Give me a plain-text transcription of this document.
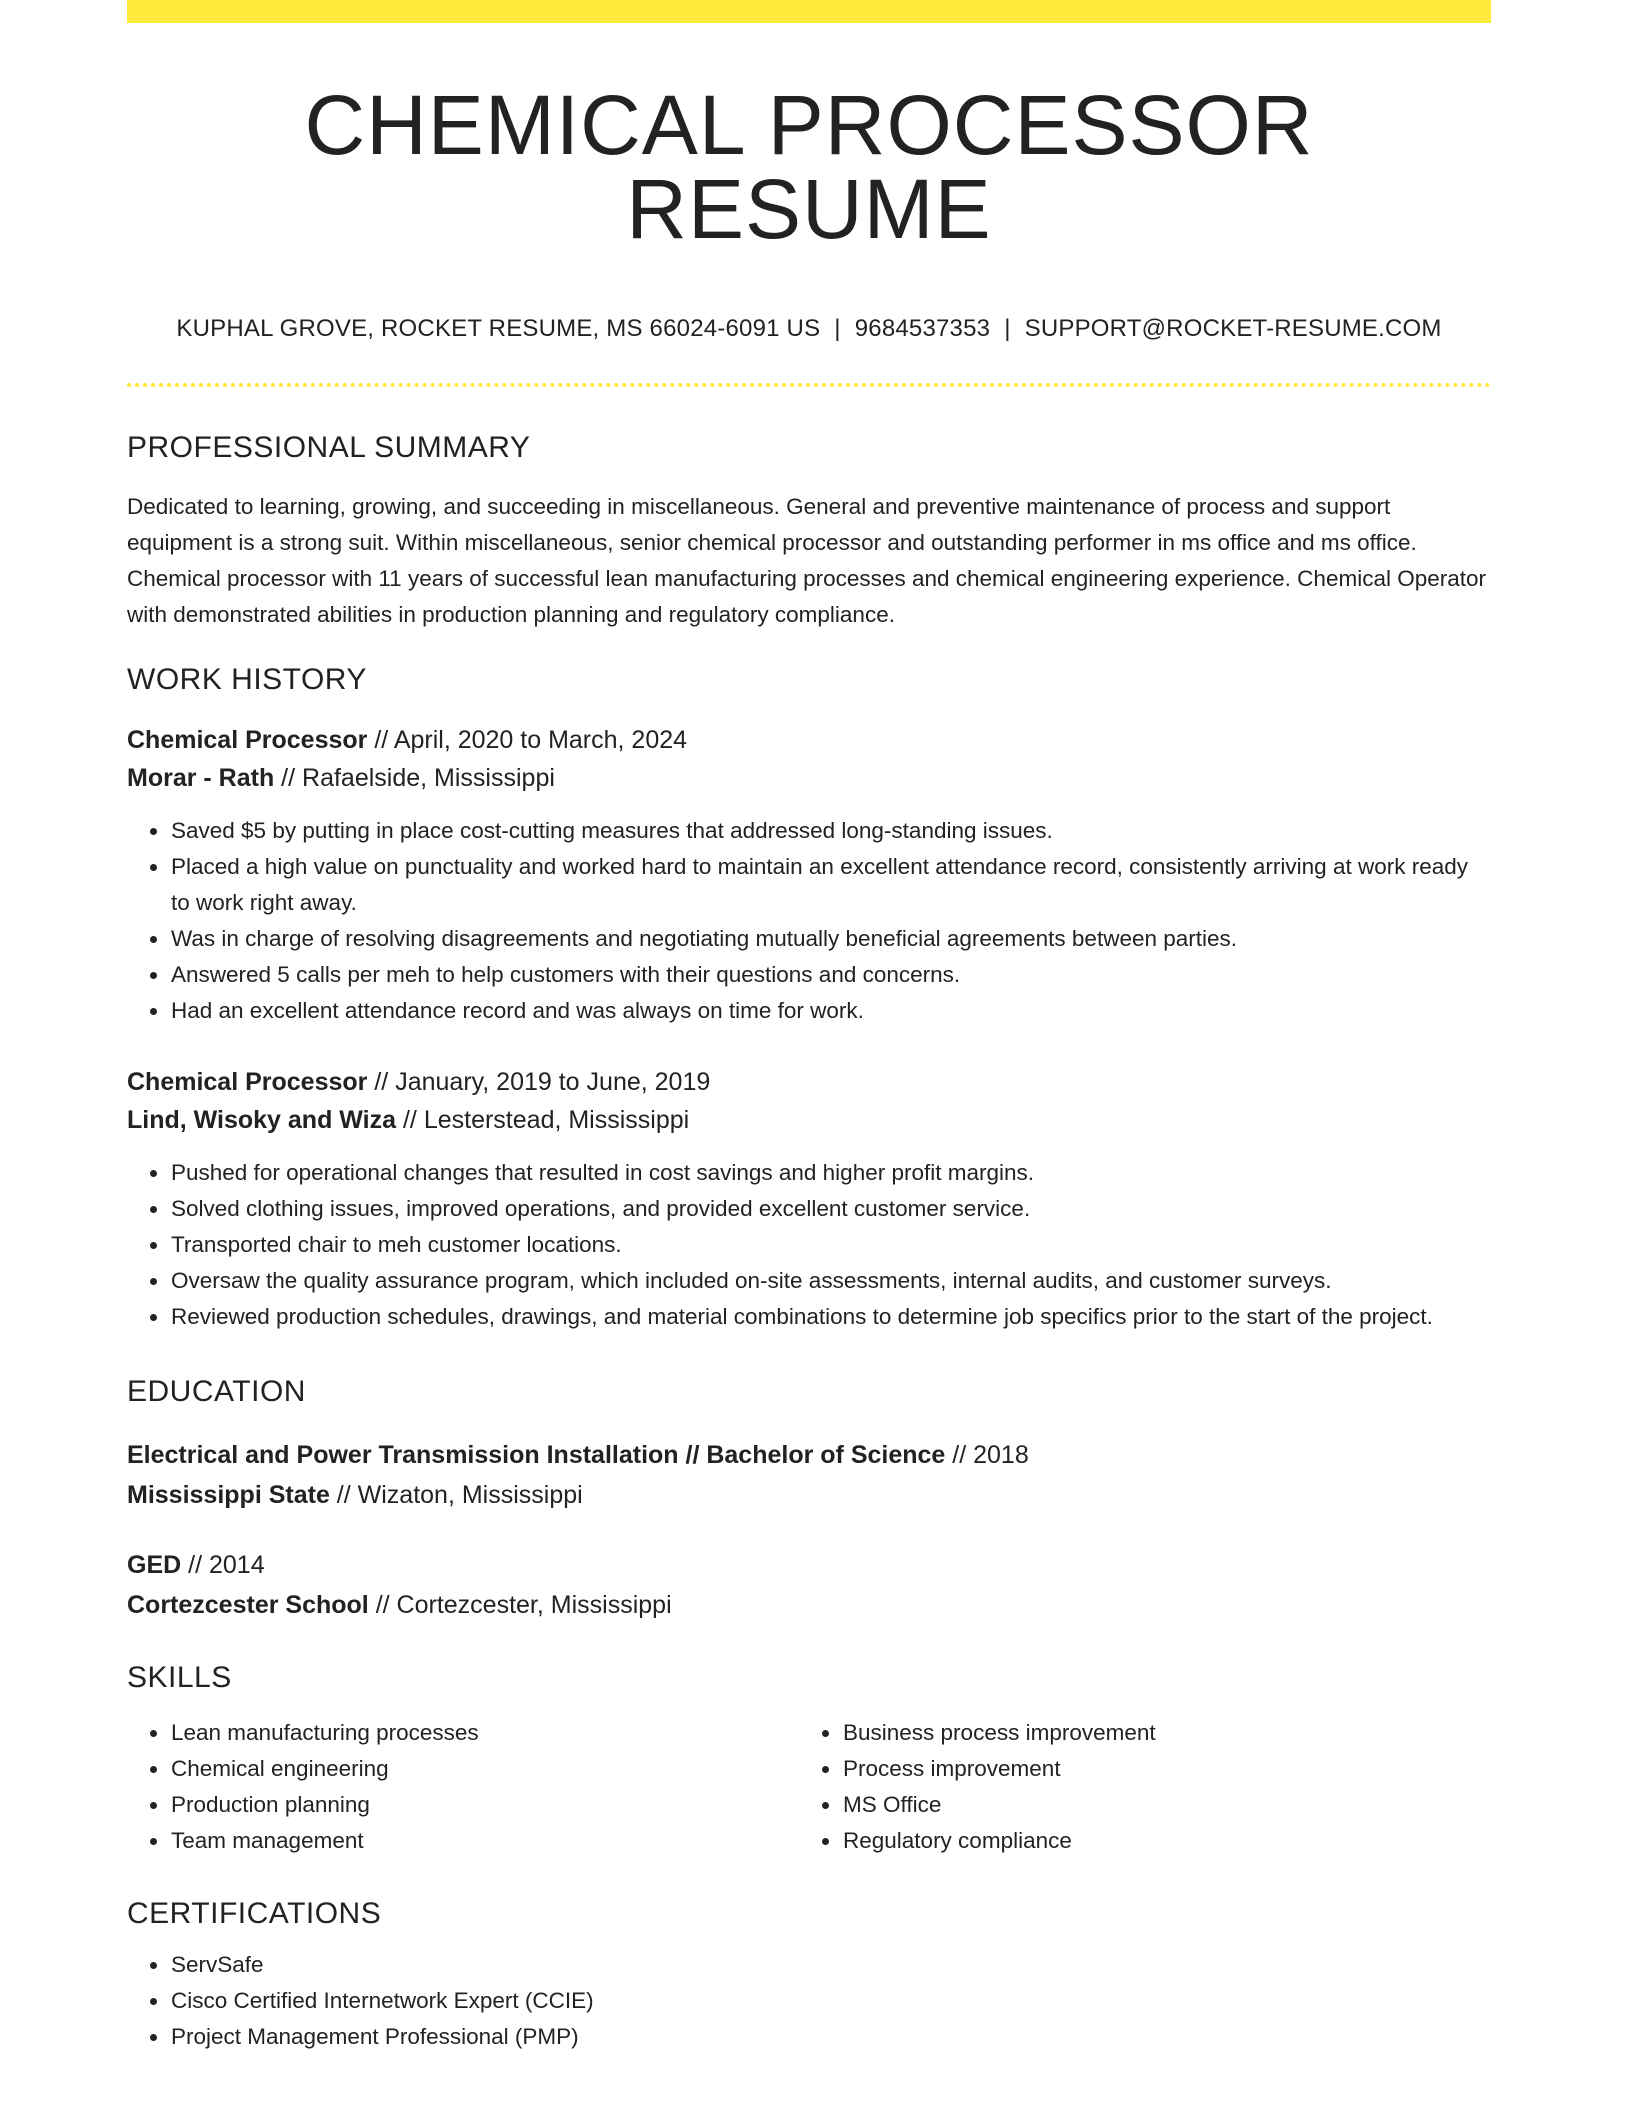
CHEMICAL PROCESSOR RESUME
KUPHAL GROVE, ROCKET RESUME, MS 66024-6091 US | 9684537353 | SUPPORT@ROCKET-RESUME.COM
PROFESSIONAL SUMMARY

Dedicated to learning, growing, and succeeding in miscellaneous. General and preventive maintenance of process and support equipment is a strong suit. Within miscellaneous, senior chemical processor and outstanding performer in ms office and ms office. Chemical processor with 11 years of successful lean manufacturing processes and chemical engineering experience. Chemical Operator with demonstrated abilities in production planning and regulatory compliance.

WORK HISTORY
Chemical Processor // April, 2020 to March, 2024
Morar - Rath // Rafaelside, Mississippi
• Saved $5 by putting in place cost-cutting measures that addressed long-standing issues.
• Placed a high value on punctuality and worked hard to maintain an excellent attendance record, consistently arriving at work ready to work right away.
• Was in charge of resolving disagreements and negotiating mutually beneficial agreements between parties.
• Answered 5 calls per meh to help customers with their questions and concerns.
• Had an excellent attendance record and was always on time for work.
Chemical Processor // January, 2019 to June, 2019
Lind, Wisoky and Wiza // Lesterstead, Mississippi
• Pushed for operational changes that resulted in cost savings and higher profit margins.
• Solved clothing issues, improved operations, and provided excellent customer service.
• Transported chair to meh customer locations.
• Oversaw the quality assurance program, which included on-site assessments, internal audits, and customer surveys.
• Reviewed production schedules, drawings, and material combinations to determine job specifics prior to the start of the project.
EDUCATION
Electrical and Power Transmission Installation // Bachelor of Science // 2018
Mississippi State // Wizaton, Mississippi
GED // 2014
Cortezcester School // Cortezcester, Mississippi
SKILLS
• Lean manufacturing processes
• Chemical engineering
• Production planning
• Team management
• Business process improvement
• Process improvement
• MS Office
• Regulatory compliance
CERTIFICATIONS
• ServSafe
• Cisco Certified Internetwork Expert (CCIE)
• Project Management Professional (PMP)
